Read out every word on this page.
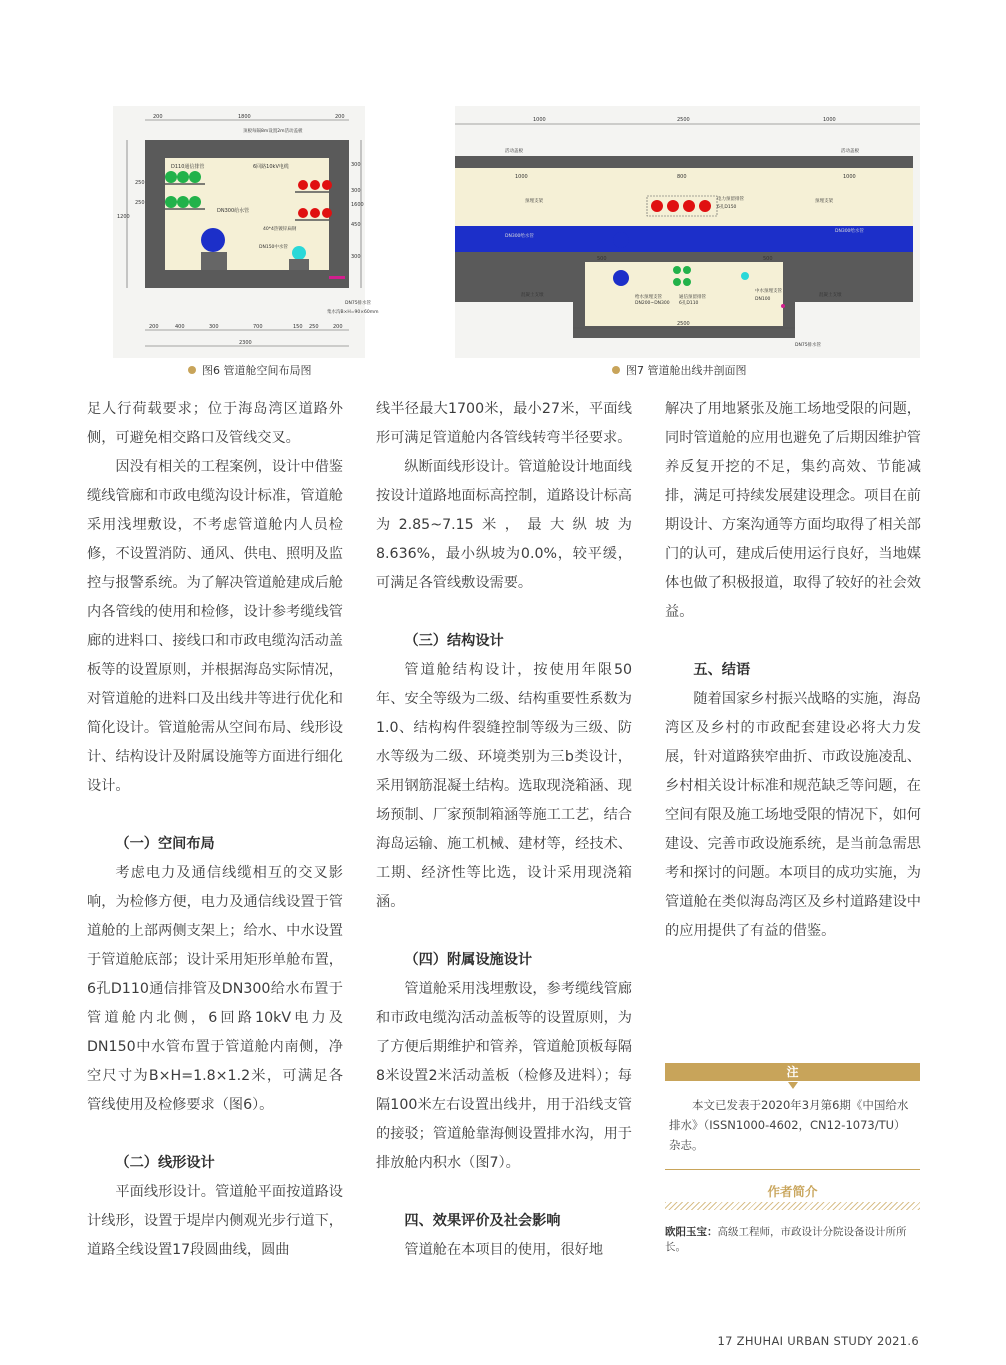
200	1800	200
顶板每隔8m设置2m活动盖板
D110通信排管	6回路10kV电缆
DN300给水管
40*4热镀锌扁钢
DN150中水管
DN75排水管
集水沟B×H=90×60mm
1200
250
250
300
300
450
300
1600
200	400	300	700	150 250	200
2300
图6 管道舱空间布局图
1000	2500	1000
活动盖板	活动盖板
预埋支架	电力预留排管
6孔D150
预埋支架
DN300给水管
DN300给水管
给水预埋支管
DN200~DN300
通信预留排管
6孔D110
中水预埋支管
DN100
混凝土支墩	混凝土支墩
DN75排水管
1000	800	1000
500	500
2500
图7 管道舱出线井剖面图

足人行荷载要求；位于海岛湾区道路外侧，可避免相交路口及管线交叉。

因没有相关的工程案例，设计中借鉴缆线管廊和市政电缆沟设计标准，管道舱采用浅埋敷设，不考虑管道舱内人员检修，不设置消防、通风、供电、照明及监控与报警系统。为了解决管道舱建成后舱内各管线的使用和检修，设计参考缆线管廊的进料口、接线口和市政电缆沟活动盖板等的设置原则，并根据海岛实际情况，对管道舱的进料口及出线井等进行优化和简化设计。管道舱需从空间布局、线形设计、结构设计及附属设施等方面进行细化设计。

（一）空间布局

考虑电力及通信线缆相互的交叉影响，为检修方便，电力及通信线设置于管道舱的上部两侧支架上；给水、中水设置于管道舱底部；设计采用矩形单舱布置，6孔D110通信排管及DN300给水布置于管道舱内北侧，6回路10kV电力及DN150中水管布置于管道舱内南侧，净空尺寸为B×H=1.8×1.2米，可满足各管线使用及检修要求（图6）。

（二）线形设计

平面线形设计。管道舱平面按道路设计线形，设置于堤岸内侧观光步行道下，道路全线设置17段圆曲线，圆曲

线半径最大1700米，最小27米，平面线形可满足管道舱内各管线转弯半径要求。

纵断面线形设计。管道舱设计地面线按设计道路地面标高控制，道路设计标高为2.85~7.15米，最大纵坡为8.636%，最小纵坡为0.0%，较平缓，可满足各管线敷设需要。

（三）结构设计

管道舱结构设计，按使用年限50年、安全等级为二级、结构重要性系数为1.0、结构构件裂缝控制等级为三级、防水等级为二级、环境类别为三b类设计，采用钢筋混凝土结构。选取现浇箱涵、现场预制、厂家预制箱涵等施工工艺，结合海岛运输、施工机械、建材等，经技术、工期、经济性等比选，设计采用现浇箱涵。

（四）附属设施设计

管道舱采用浅埋敷设，参考缆线管廊和市政电缆沟活动盖板等的设置原则，为了方便后期维护和管养，管道舱顶板每隔8米设置2米活动盖板（检修及进料）；每隔100米左右设置出线井，用于沿线支管的接驳；管道舱靠海侧设置排水沟，用于排放舱内积水（图7）。

四、效果评价及社会影响

管道舱在本项目的使用，很好地

解决了用地紧张及施工场地受限的问题，同时管道舱的应用也避免了后期因维护管养反复开挖的不足，集约高效、节能减排，满足可持续发展建设理念。项目在前期设计、方案沟通等方面均取得了相关部门的认可，建成后使用运行良好，当地媒体也做了积极报道，取得了较好的社会效益。

五、结语

随着国家乡村振兴战略的实施，海岛湾区及乡村的市政配套建设必将大力发展，针对道路狭窄曲折、市政设施凌乱、乡村相关设计标准和规范缺乏等问题，在空间有限及施工场地受限的情况下，如何建设、完善市政设施系统，是当前急需思考和探讨的问题。本项目的成功实施，为管道舱在类似海岛湾区及乡村道路建设中的应用提供了有益的借鉴。

注

本文已发表于2020年3月第6期《中国给水排水》（ISSN1000-4602，CN12-1073/TU）杂志。

作者简介
欧阳玉宝：高级工程师，市政设计分院设备设计所所长。
17 ZHUHAI URBAN STUDY 2021.6
